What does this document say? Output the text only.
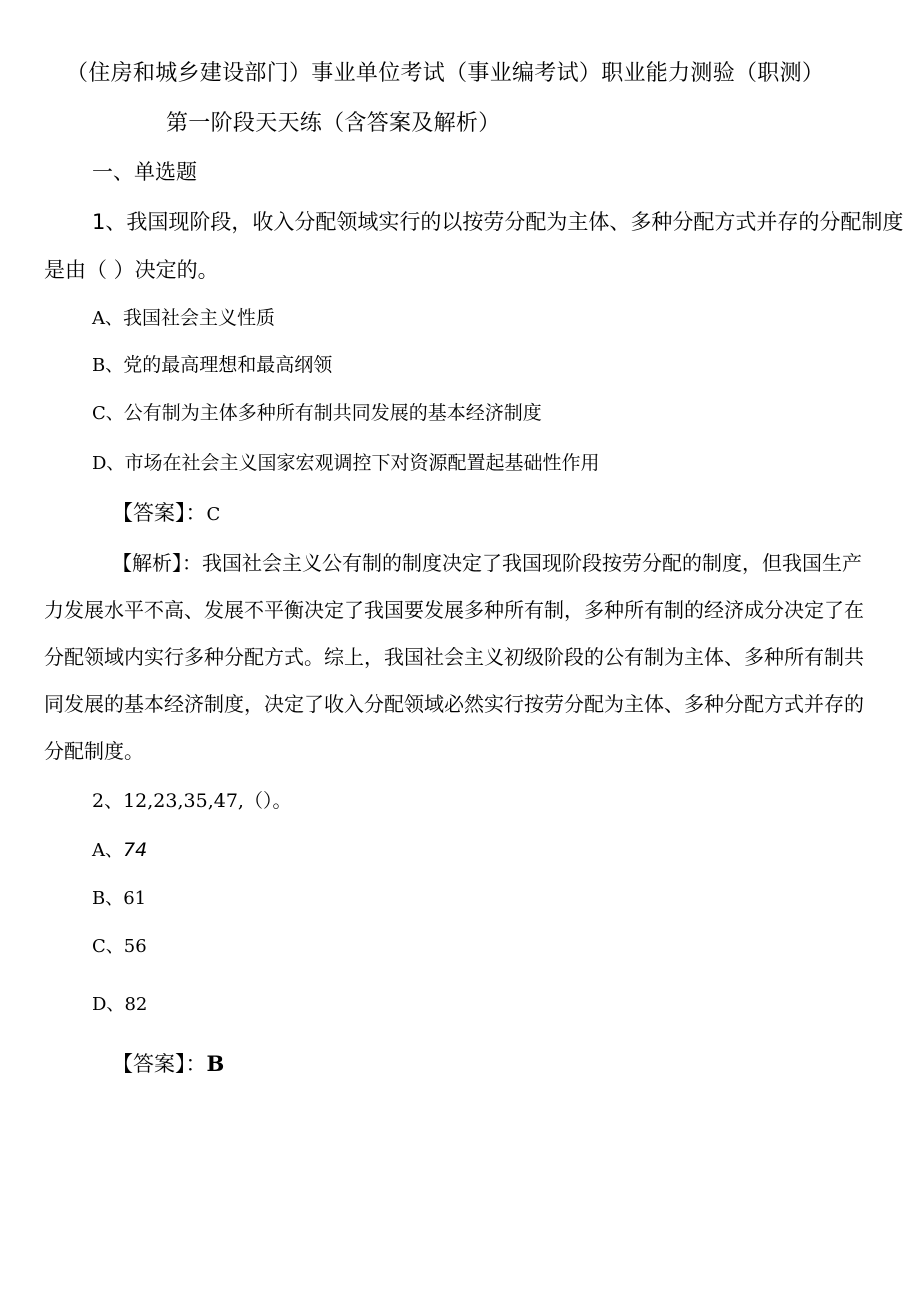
（住房和城乡建设部门）事业单位考试（事业编考试）职业能力测验（职测）
第一阶段天天练（含答案及解析）
一、单选题
1、我国现阶段，收入分配领域实行的以按劳分配为主体、多种分配方式并存的分配制度
是由（ ）决定的。
A、我国社会主义性质
B、党的最高理想和最高纲领
C、公有制为主体多种所有制共同发展的基本经济制度
D、市场在社会主义国家宏观调控下对资源配置起基础性作用
【答案】：C
【解析】：我国社会主义公有制的制度决定了我国现阶段按劳分配的制度，但我国生产
力发展水平不高、发展不平衡决定了我国要发展多种所有制，多种所有制的经济成分决定了在
分配领域内实行多种分配方式。综上，我国社会主义初级阶段的公有制为主体、多种所有制共
同发展的基本经济制度，决定了收入分配领域必然实行按劳分配为主体、多种分配方式并存的
分配制度。
2、12,23,35,47,（）。
A、74
B、61
C、56
D、82
【答案】：B
